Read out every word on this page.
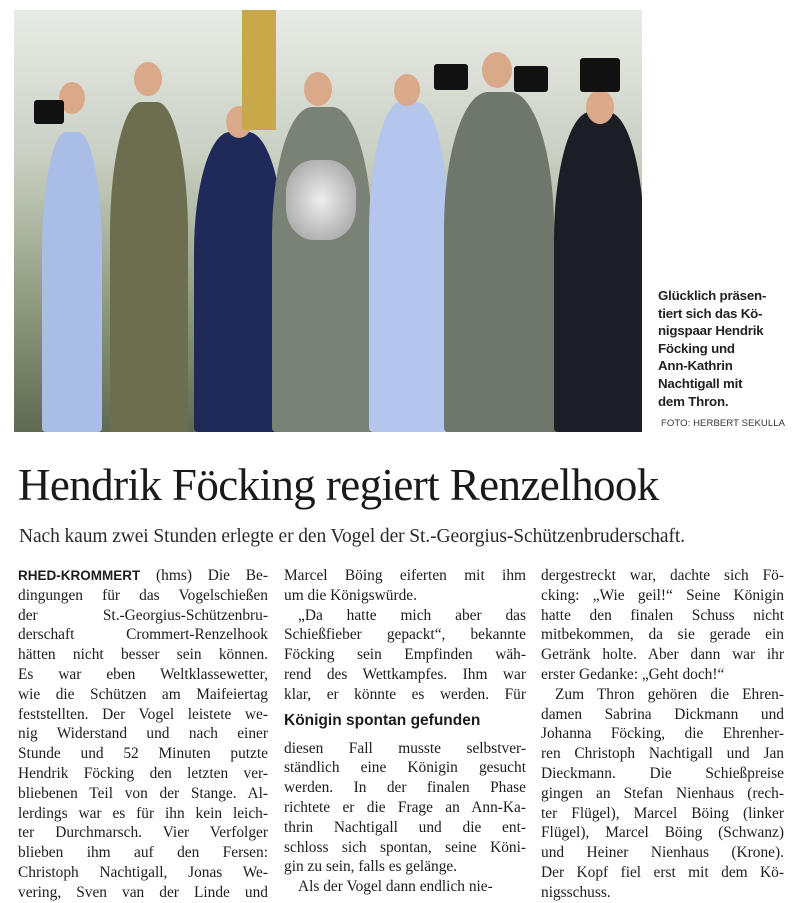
Glücklich präsen-
tiert sich das Kö-
nigspaar Hendrik
Föcking und
Ann-Kathrin
Nachtigall mit
dem Thron.
FOTO: HERBERT SEKULLA
Hendrik Föcking regiert Renzelhook
Nach kaum zwei Stunden erlegte er den Vogel der St.-Georgius-Schützenbruderschaft.
RHED-KROMMERT (hms) Die Be-
dingungen für das Vogelschießen
der St.-Georgius-Schützenbru-
derschaft Crommert-Renzelhook
hätten nicht besser sein können.
Es war eben Weltklassewetter,
wie die Schützen am Maifeiertag
feststellten. Der Vogel leistete we-
nig Widerstand und nach einer
Stunde und 52 Minuten putzte
Hendrik Föcking den letzten ver-
bliebenen Teil von der Stange. Al-
lerdings war es für ihn kein leich-
ter Durchmarsch. Vier Verfolger
blieben ihm auf den Fersen:
Christoph Nachtigall, Jonas We-
vering, Sven van der Linde und
Marcel Böing eiferten mit ihm
um die Königswürde.
„Da hatte mich aber das
Schießfieber gepackt“, bekannte
Föcking sein Empfinden wäh-
rend des Wettkampfes. Ihm war
klar, er könnte es werden. Für
Königin spontan gefunden
diesen Fall musste selbstver-
ständlich eine Königin gesucht
werden. In der finalen Phase
richtete er die Frage an Ann-Ka-
thrin Nachtigall und die ent-
schloss sich spontan, seine Köni-
gin zu sein, falls es gelänge.
Als der Vogel dann endlich nie-
dergestreckt war, dachte sich Fö-
cking: „Wie geil!“ Seine Königin
hatte den finalen Schuss nicht
mitbekommen, da sie gerade ein
Getränk holte. Aber dann war ihr
erster Gedanke: „Geht doch!“
Zum Thron gehören die Ehren-
damen Sabrina Dickmann und
Johanna Föcking, die Ehrenher-
ren Christoph Nachtigall und Jan
Dieckmann. Die Schießpreise
gingen an Stefan Nienhaus (rech-
ter Flügel), Marcel Böing (linker
Flügel), Marcel Böing (Schwanz)
und Heiner Nienhaus (Krone).
Der Kopf fiel erst mit dem Kö-
nigsschuss.
